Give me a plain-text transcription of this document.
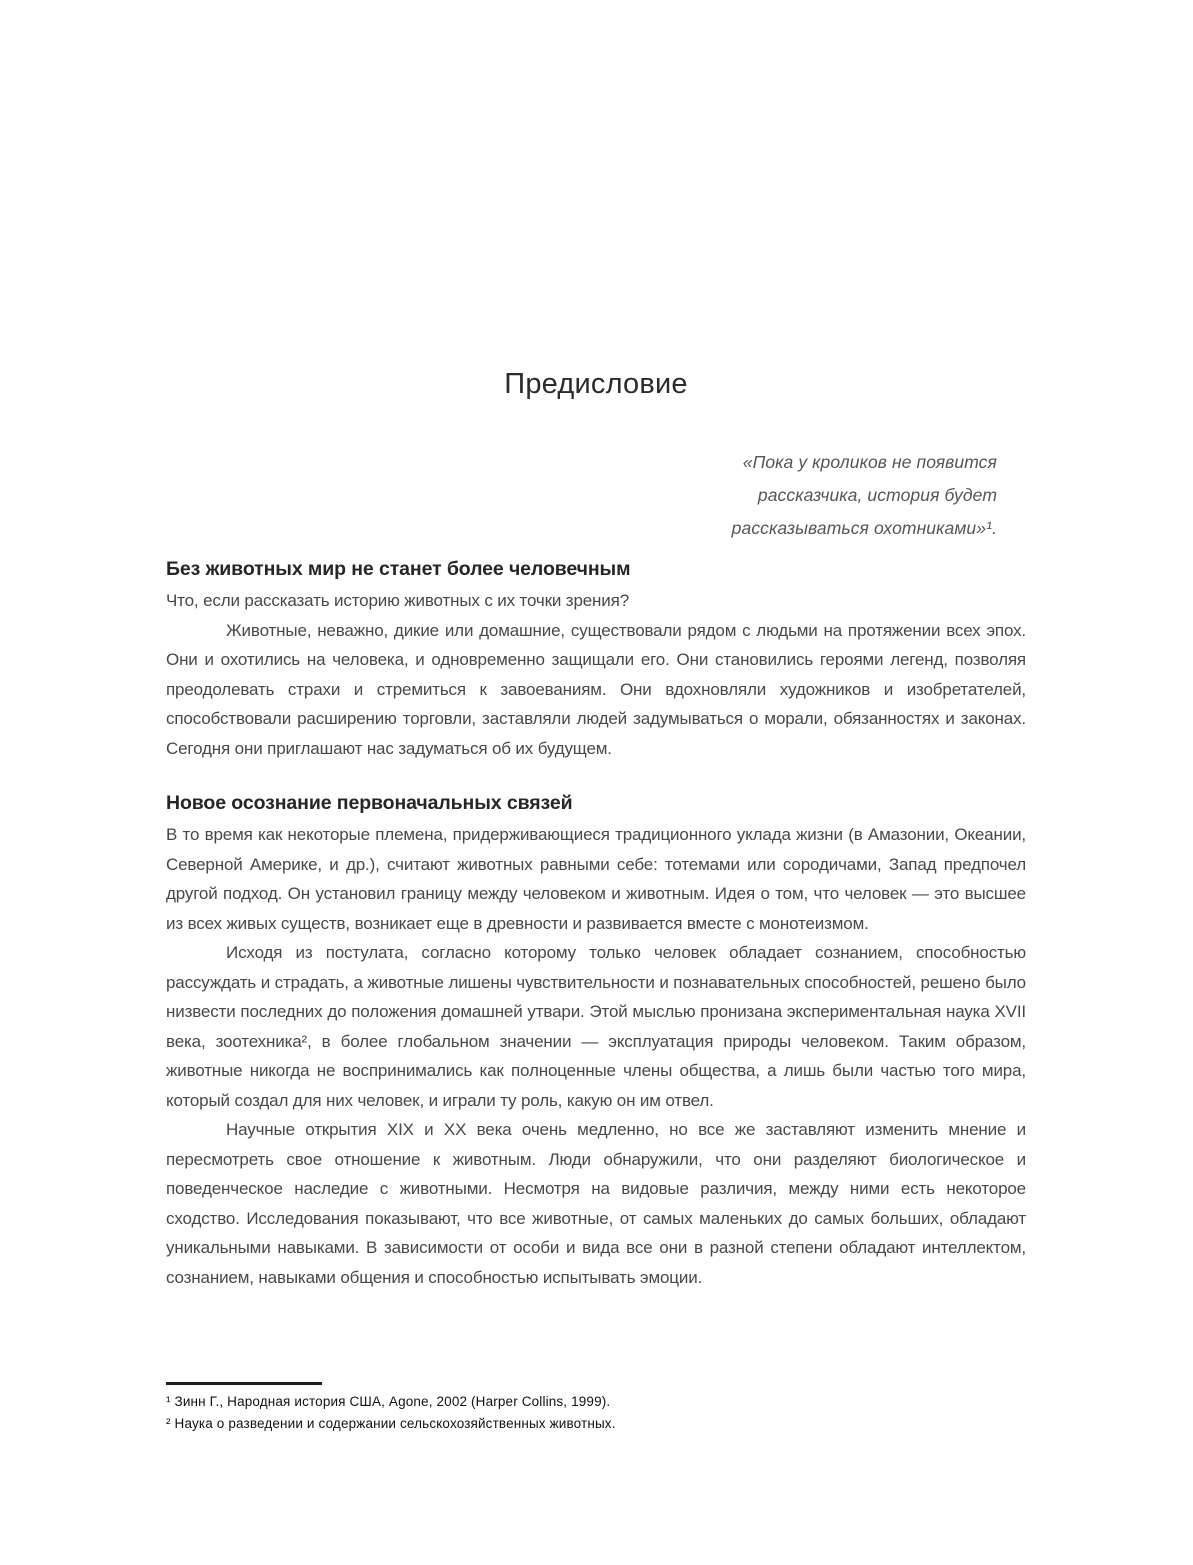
Предисловие
«Пока у кроликов не появится
рассказчика, история будет
рассказываться охотниками»¹.
Без животных мир не станет более человечным

Что, если рассказать историю животных с их точки зрения?

Животные, неважно, дикие или домашние, существовали рядом с людьми на протяжении всех эпох. Они и охотились на человека, и одновременно защищали его. Они становились героями легенд, позволяя преодолевать страхи и стремиться к завоеваниям. Они вдохновляли художников и изобретателей, способствовали расширению торговли, заставляли людей задумываться о морали, обязанностях и законах. Сегодня они приглашают нас задуматься об их будущем.

Новое осознание первоначальных связей

В то время как некоторые племена, придерживающиеся традиционного уклада жизни (в Амазонии, Океании, Северной Америке, и др.), считают животных равными себе: тотемами или сородичами, Запад предпочел другой подход. Он установил границу между человеком и животным. Идея о том, что человек — это высшее из всех живых существ, возникает еще в древности и развивается вместе с монотеизмом.

Исходя из постулата, согласно которому только человек обладает сознанием, способностью рассуждать и страдать, а животные лишены чувствительности и познавательных способностей, решено было низвести последних до положения домашней утвари. Этой мыслью пронизана экспериментальная наука XVII века, зоотехника², в более глобальном значении — эксплуатация природы человеком. Таким образом, животные никогда не воспринимались как полноценные члены общества, а лишь были частью того мира, который создал для них человек, и играли ту роль, какую он им отвел.

Научные открытия XIX и XX века очень медленно, но все же заставляют изменить мнение и пересмотреть свое отношение к животным. Люди обнаружили, что они разделяют биологическое и поведенческое наследие с животными. Несмотря на видовые различия, между ними есть некоторое сходство. Исследования показывают, что все животные, от самых маленьких до самых больших, обладают уникальными навыками. В зависимости от особи и вида все они в разной степени обладают интеллектом, сознанием, навыками общения и способностью испытывать эмоции.

¹ Зинн Г., Народная история США, Agone, 2002 (Harper Collins, 1999).
² Наука о разведении и содержании сельскохозяйственных животных.
